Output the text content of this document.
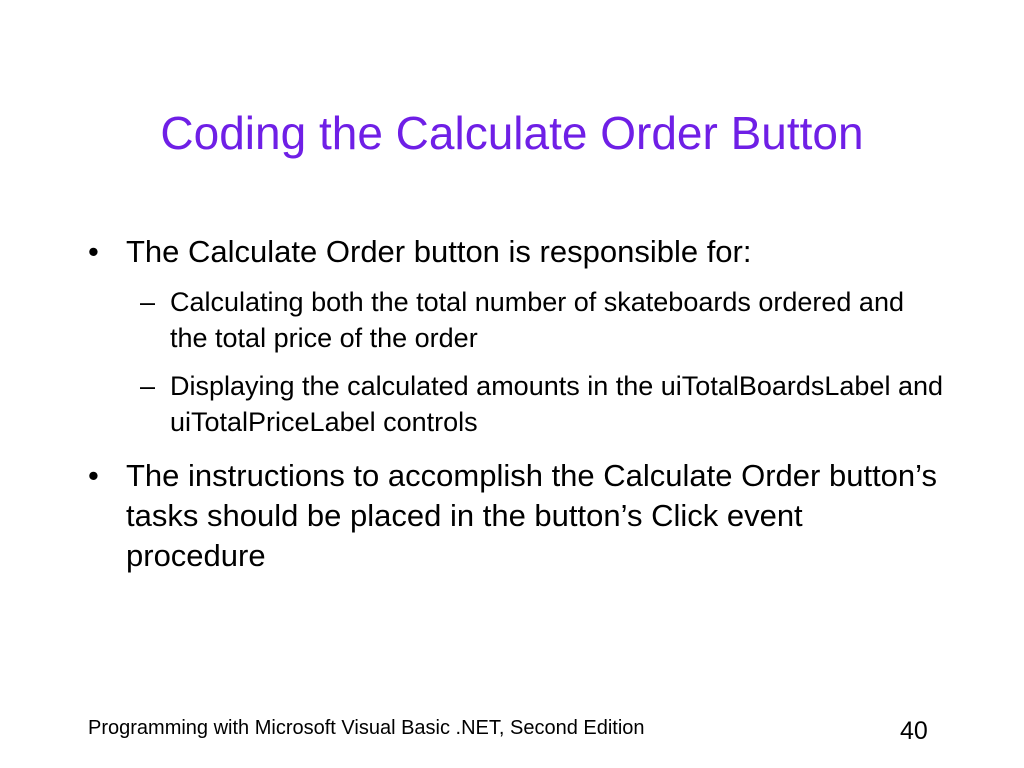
Coding the Calculate Order Button
• The Calculate Order button is responsible for:
– Calculating both the total number of skateboards ordered and the total price of the order
– Displaying the calculated amounts in the uiTotalBoardsLabel and uiTotalPriceLabel controls
• The instructions to accomplish the Calculate Order button’s tasks should be placed in the button’s Click event procedure
Programming with Microsoft Visual Basic .NET, Second Edition	40
